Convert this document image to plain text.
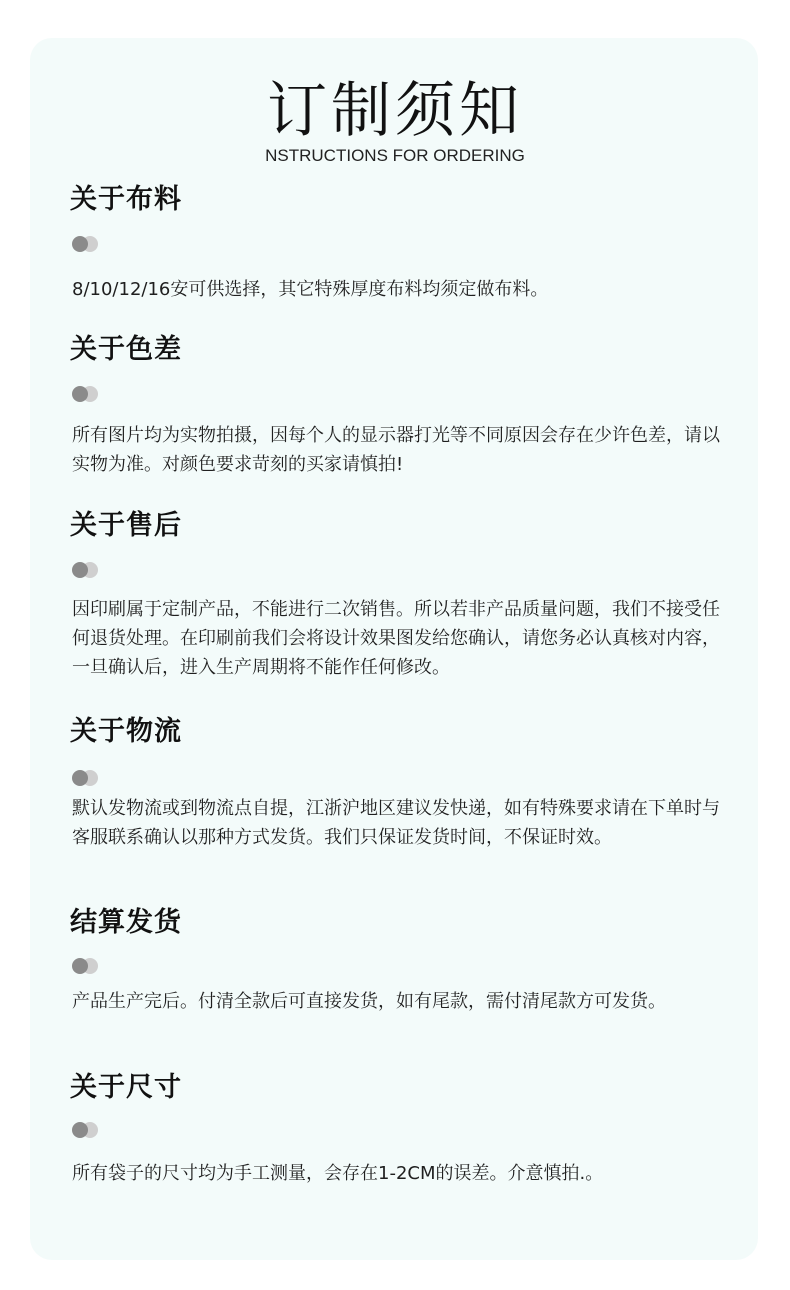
订制须知
NSTRUCTIONS FOR ORDERING
关于布料
8/10/12/16安可供选择，其它特殊厚度布料均须定做布料。
关于色差
所有图片均为实物拍摄，因每个人的显示器打光等不同原因会存在少许色差，请以实物为准。对颜色要求苛刻的买家请慎拍!
关于售后
因印刷属于定制产品，不能进行二次销售。所以若非产品质量问题，我们不接受任何退货处理。在印刷前我们会将设计效果图发给您确认，请您务必认真核对内容，一旦确认后，进入生产周期将不能作任何修改。
关于物流
默认发物流或到物流点自提，江浙沪地区建议发快递，如有特殊要求请在下单时与客服联系确认以那种方式发货。我们只保证发货时间，不保证时效。
结算发货
产品生产完后。付清全款后可直接发货，如有尾款，需付清尾款方可发货。
关于尺寸
所有袋子的尺寸均为手工测量，会存在1-2CM的误差。介意慎拍.。
